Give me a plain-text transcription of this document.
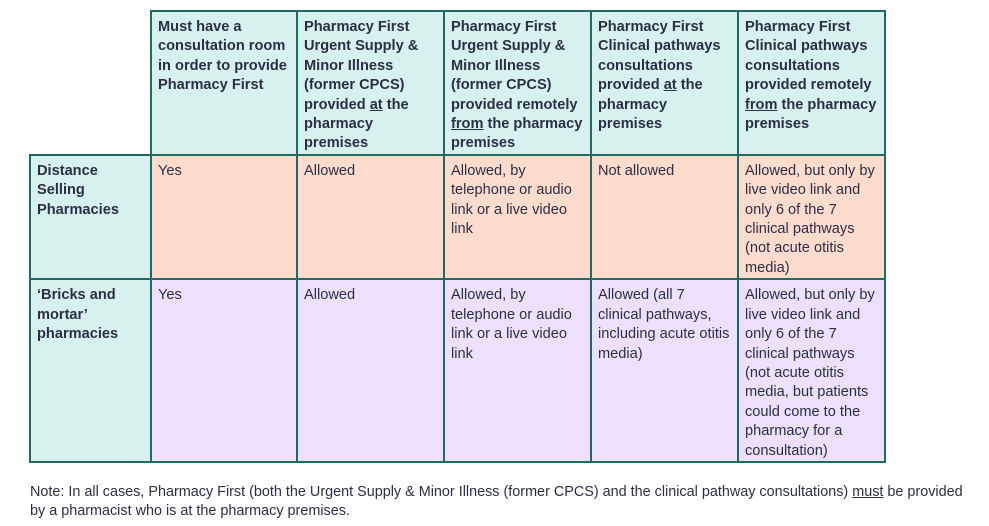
	Must have a consultation room in order to provide Pharmacy First	Pharmacy First Urgent Supply & Minor Illness (former CPCS) provided at the pharmacy premises	Pharmacy First Urgent Supply & Minor Illness (former CPCS) provided remotely from the pharmacy premises	Pharmacy First Clinical pathways consultations provided at the pharmacy premises	Pharmacy First Clinical pathways consultations provided remotely from the pharmacy premises
Distance Selling Pharmacies	Yes	Allowed	Allowed, by telephone or audio link or a live video link	Not allowed	Allowed, but only by live video link and only 6 of the 7 clinical pathways (not acute otitis media)
‘Bricks and mortar’ pharmacies	Yes	Allowed	Allowed, by telephone or audio link or a live video link	Allowed (all 7 clinical pathways, including acute otitis media)	Allowed, but only by live video link and only 6 of the 7 clinical pathways (not acute otitis media, but patients could come to the pharmacy for a consultation)
Note: In all cases, Pharmacy First (both the Urgent Supply & Minor Illness (former CPCS) and the clinical pathway consultations) must be provided by a pharmacist who is at the pharmacy premises.
